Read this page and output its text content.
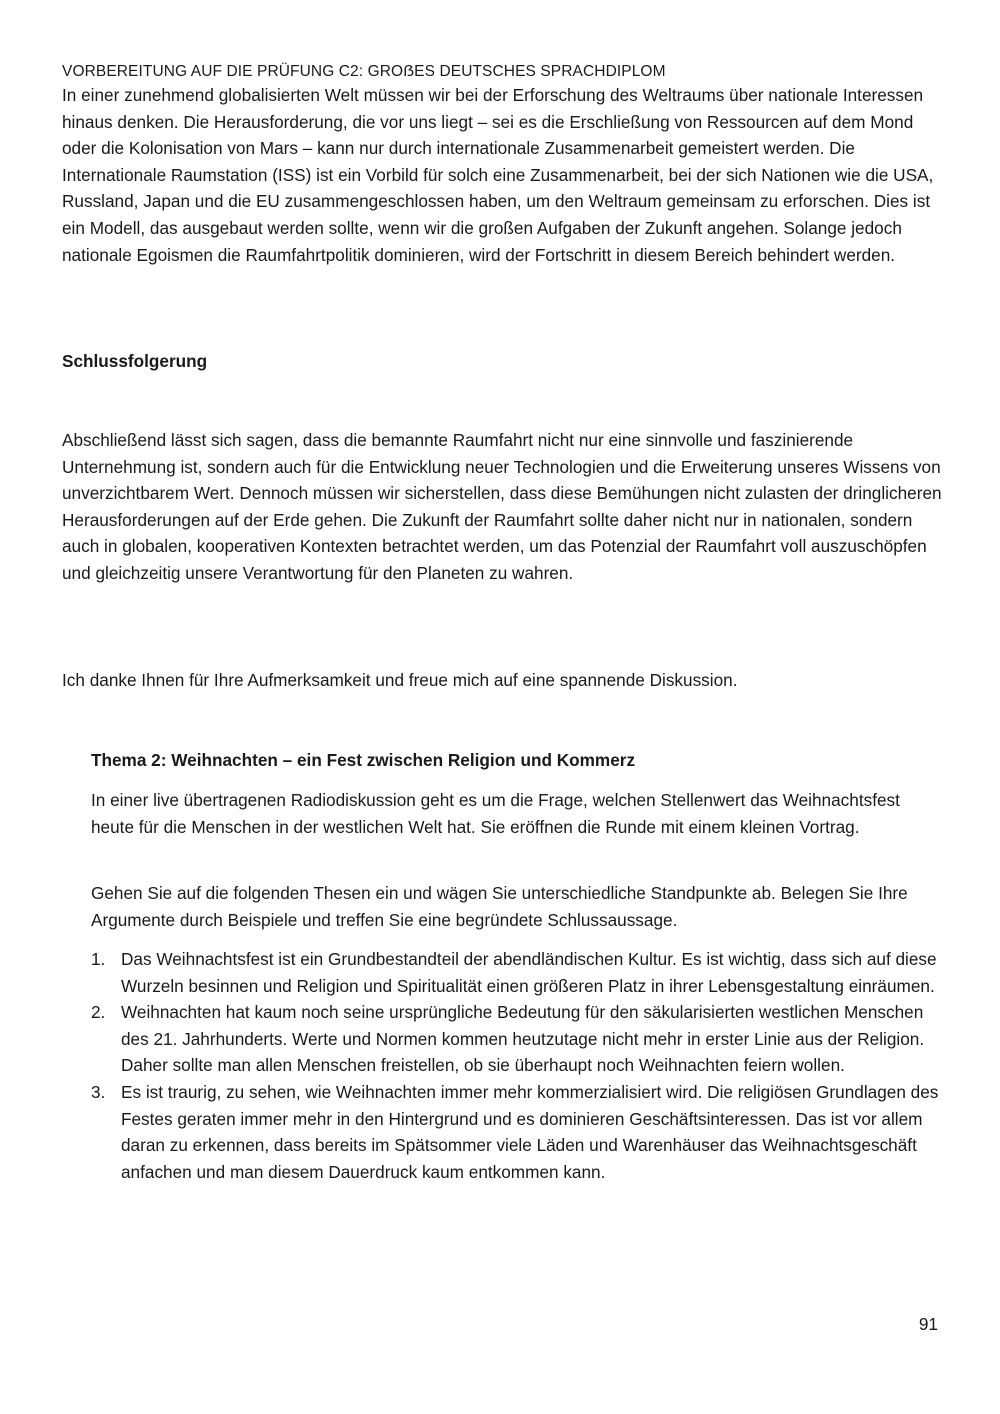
VORBEREITUNG AUF DIE PRÜFUNG C2: GROẞES DEUTSCHES SPRACHDIPLOM

In einer zunehmend globalisierten Welt müssen wir bei der Erforschung des Weltraums über nationale Interessen hinaus denken. Die Herausforderung, die vor uns liegt – sei es die Erschließung von Ressourcen auf dem Mond oder die Kolonisation von Mars – kann nur durch internationale Zusammenarbeit gemeistert werden. Die Internationale Raumstation (ISS) ist ein Vorbild für solch eine Zusammenarbeit, bei der sich Nationen wie die USA, Russland, Japan und die EU zusammengeschlossen haben, um den Weltraum gemeinsam zu erforschen. Dies ist ein Modell, das ausgebaut werden sollte, wenn wir die großen Aufgaben der Zukunft angehen. Solange jedoch nationale Egoismen die Raumfahrtpolitik dominieren, wird der Fortschritt in diesem Bereich behindert werden.

Schlussfolgerung

Abschließend lässt sich sagen, dass die bemannte Raumfahrt nicht nur eine sinnvolle und faszinierende Unternehmung ist, sondern auch für die Entwicklung neuer Technologien und die Erweiterung unseres Wissens von unverzichtbarem Wert. Dennoch müssen wir sicherstellen, dass diese Bemühungen nicht zulasten der dringlicheren Herausforderungen auf der Erde gehen. Die Zukunft der Raumfahrt sollte daher nicht nur in nationalen, sondern auch in globalen, kooperativen Kontexten betrachtet werden, um das Potenzial der Raumfahrt voll auszuschöpfen und gleichzeitig unsere Verantwortung für den Planeten zu wahren.

Ich danke Ihnen für Ihre Aufmerksamkeit und freue mich auf eine spannende Diskussion.

Thema 2: Weihnachten – ein Fest zwischen Religion und Kommerz

In einer live übertragenen Radiodiskussion geht es um die Frage, welchen Stellenwert das Weihnachtsfest heute für die Menschen in der westlichen Welt hat. Sie eröffnen die Runde mit einem kleinen Vortrag.

Gehen Sie auf die folgenden Thesen ein und wägen Sie unterschiedliche Standpunkte ab. Belegen Sie Ihre Argumente durch Beispiele und treffen Sie eine begründete Schlussaussage.

1. Das Weihnachtsfest ist ein Grundbestandteil der abendländischen Kultur. Es ist wichtig, dass sich auf diese Wurzeln besinnen und Religion und Spiritualität einen größeren Platz in ihrer Lebensgestaltung einräumen.
2. Weihnachten hat kaum noch seine ursprüngliche Bedeutung für den säkularisierten westlichen Menschen des 21. Jahrhunderts. Werte und Normen kommen heutzutage nicht mehr in erster Linie aus der Religion. Daher sollte man allen Menschen freistellen, ob sie überhaupt noch Weihnachten feiern wollen.
3. Es ist traurig, zu sehen, wie Weihnachten immer mehr kommerzialisiert wird. Die religiösen Grundlagen des Festes geraten immer mehr in den Hintergrund und es dominieren Geschäftsinteressen. Das ist vor allem daran zu erkennen, dass bereits im Spätsommer viele Läden und Warenhäuser das Weihnachtsgeschäft anfachen und man diesem Dauerdruck kaum entkommen kann.
91
